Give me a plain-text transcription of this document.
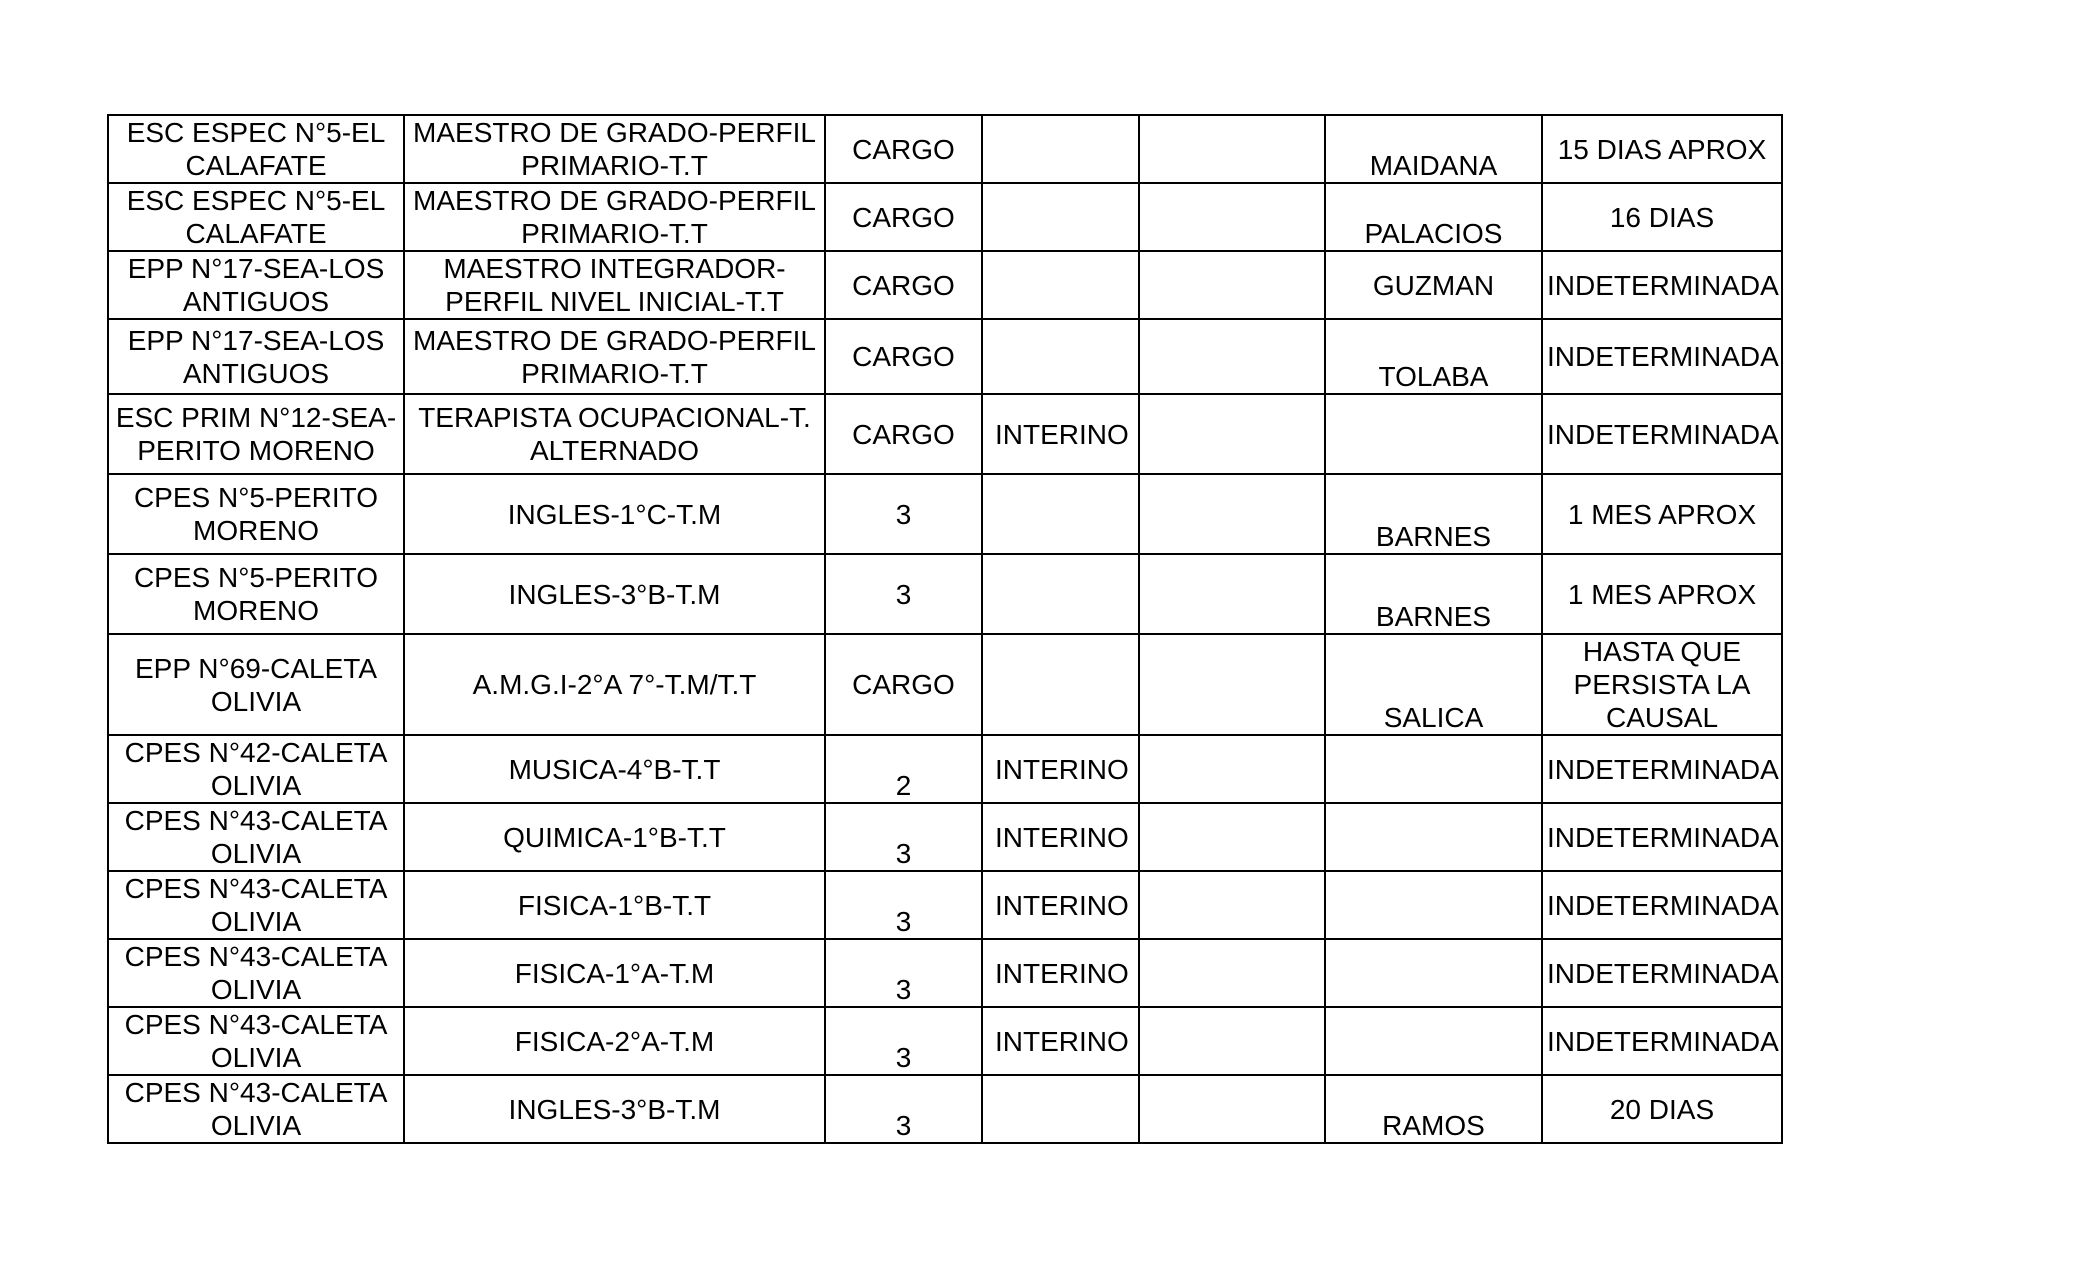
ESC ESPEC N°5-EL CALAFATE	MAESTRO DE GRADO-PERFIL PRIMARIO-T.T	CARGO			MAIDANA	15 DIAS APROX
ESC ESPEC N°5-EL CALAFATE	MAESTRO DE GRADO-PERFIL PRIMARIO-T.T	CARGO			PALACIOS	16 DIAS
EPP N°17-SEA-LOS ANTIGUOS	MAESTRO INTEGRADOR-PERFIL NIVEL INICIAL-T.T	CARGO			GUZMAN	INDETERMINADA
EPP N°17-SEA-LOS ANTIGUOS	MAESTRO DE GRADO-PERFIL PRIMARIO-T.T	CARGO			TOLABA	INDETERMINADA
ESC PRIM N°12-SEA-PERITO MORENO	TERAPISTA OCUPACIONAL-T. ALTERNADO	CARGO	INTERINO			INDETERMINADA
CPES N°5-PERITO MORENO	INGLES-1°C-T.M	3			BARNES	1 MES APROX
CPES N°5-PERITO MORENO	INGLES-3°B-T.M	3			BARNES	1 MES APROX
EPP N°69-CALETA OLIVIA	A.M.G.I-2°A 7°-T.M/T.T	CARGO			SALICA	HASTA QUE PERSISTA LA CAUSAL
CPES N°42-CALETA OLIVIA	MUSICA-4°B-T.T	2	INTERINO			INDETERMINADA
CPES N°43-CALETA OLIVIA	QUIMICA-1°B-T.T	3	INTERINO			INDETERMINADA
CPES N°43-CALETA OLIVIA	FISICA-1°B-T.T	3	INTERINO			INDETERMINADA
CPES N°43-CALETA OLIVIA	FISICA-1°A-T.M	3	INTERINO			INDETERMINADA
CPES N°43-CALETA OLIVIA	FISICA-2°A-T.M	3	INTERINO			INDETERMINADA
CPES N°43-CALETA OLIVIA	INGLES-3°B-T.M	3			RAMOS	20 DIAS
